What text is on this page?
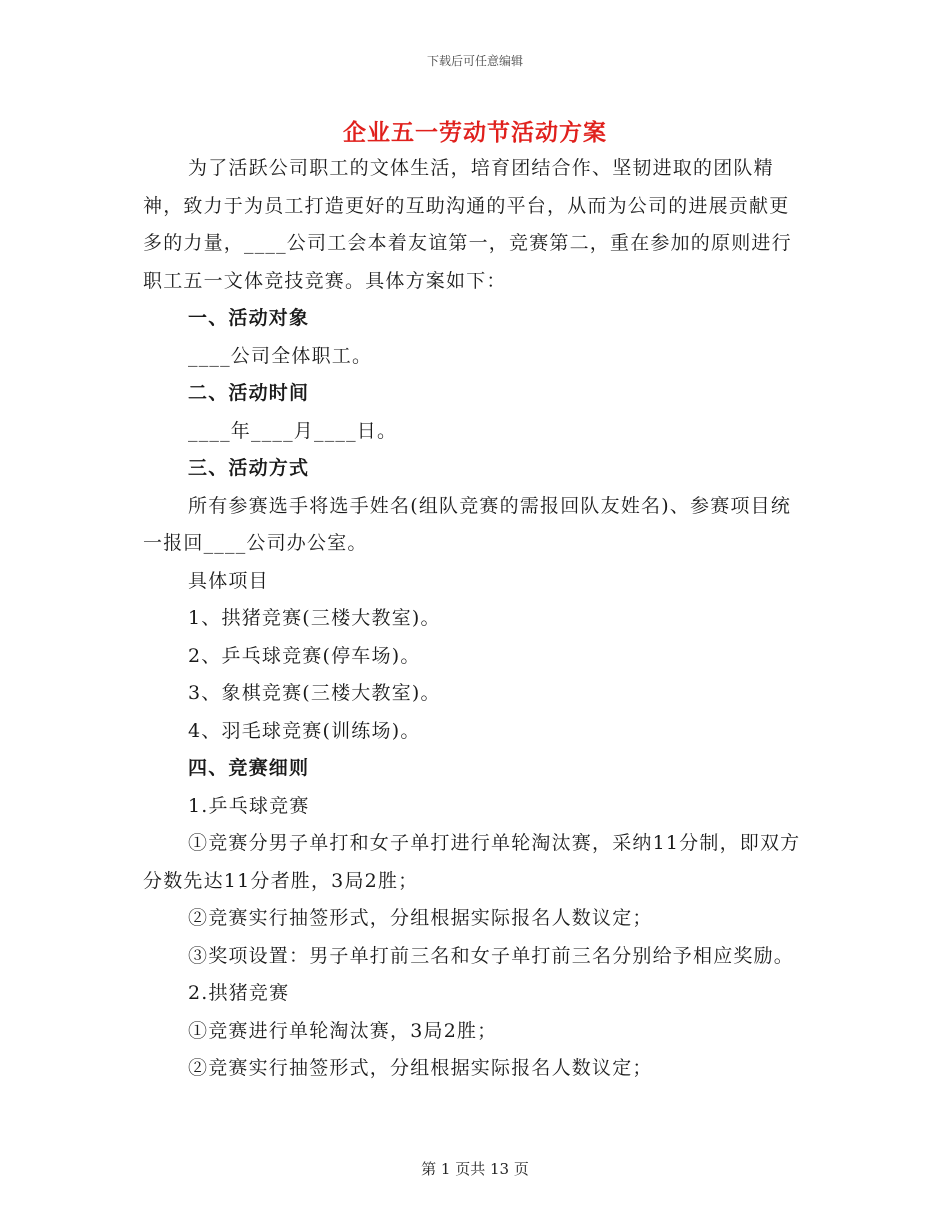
下载后可任意编辑
企业五一劳动节活动方案

为了活跃公司职工的文体生活，培育团结合作、坚韧进取的团队精神，致力于为员工打造更好的互助沟通的平台，从而为公司的进展贡献更多的力量，____公司工会本着友谊第一，竞赛第二，重在参加的原则进行职工五一文体竞技竞赛。具体方案如下：

一、活动对象

____公司全体职工。

二、活动时间

____年____月____日。

三、活动方式

所有参赛选手将选手姓名(组队竞赛的需报回队友姓名)、参赛项目统一报回____公司办公室。

具体项目

1、拱猪竞赛(三楼大教室)。

2、乒乓球竞赛(停车场)。

3、象棋竞赛(三楼大教室)。

4、羽毛球竞赛(训练场)。

四、竞赛细则

1.乒乓球竞赛

①竞赛分男子单打和女子单打进行单轮淘汰赛，采纳11分制，即双方分数先达11分者胜，3局2胜；

②竞赛实行抽签形式，分组根据实际报名人数议定；

③奖项设置：男子单打前三名和女子单打前三名分别给予相应奖励。

2.拱猪竞赛

①竞赛进行单轮淘汰赛，3局2胜；

②竞赛实行抽签形式，分组根据实际报名人数议定；

第 1 页共 13 页
